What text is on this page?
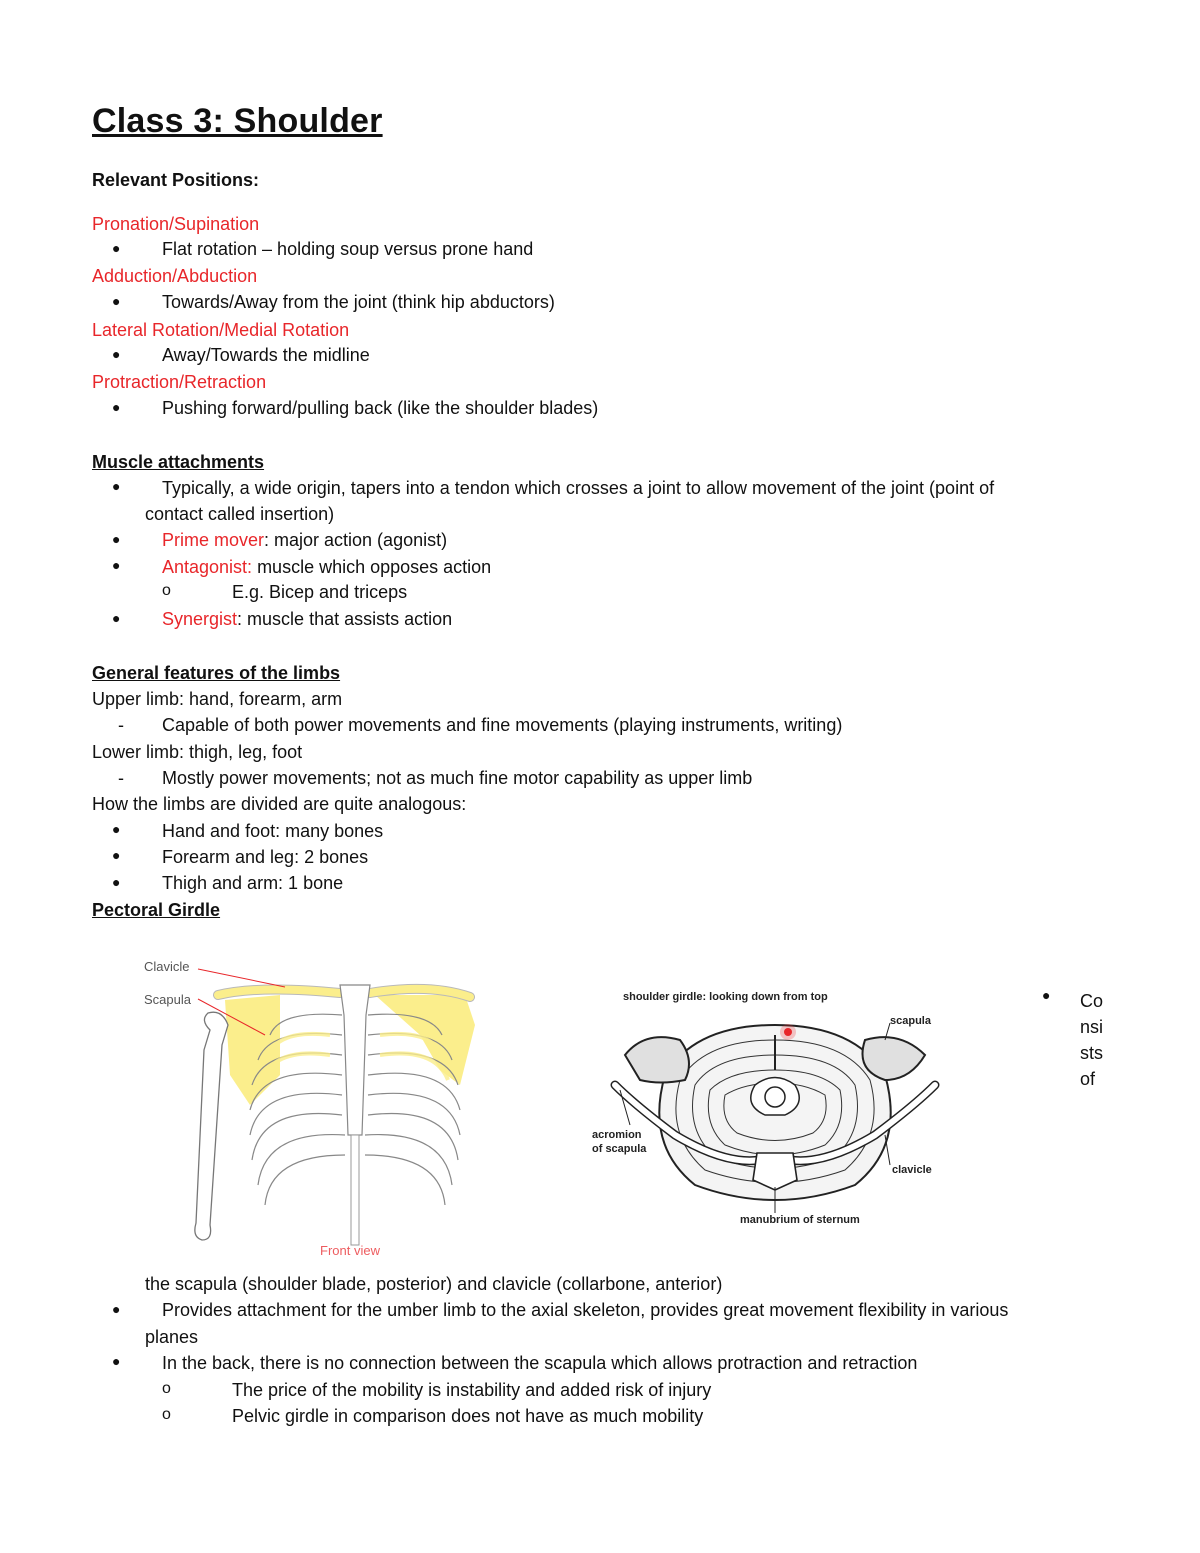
Class 3: Shoulder
Relevant Positions:
Pronation/Supination
● Flat rotation – holding soup versus prone hand
Adduction/Abduction
● Towards/Away from the joint (think hip abductors)
Lateral Rotation/Medial Rotation
● Away/Towards the midline
Protraction/Retraction
● Pushing forward/pulling back (like the shoulder blades)
Muscle attachments
● Typically, a wide origin, tapers into a tendon which crosses a joint to allow movement of the joint (point of
contact called insertion)
● Prime mover: major action (agonist)
● Antagonist: muscle which opposes action
o	E.g. Bicep and triceps
● Synergist: muscle that assists action
General features of the limbs
Upper limb: hand, forearm, arm
- Capable of both power movements and fine movements (playing instruments, writing)
Lower limb: thigh, leg, foot
- Mostly power movements; not as much fine motor capability as upper limb
How the limbs are divided are quite analogous:
● Hand and foot: many bones
● Forearm and leg: 2 bones
● Thigh and arm: 1 bone
Pectoral Girdle
Clavicle
Scapula
Front view
shoulder girdle: looking down from top
scapula
acromion
of scapula
clavicle
manubrium of sternum
● Co
nsi
sts
of
the scapula (shoulder blade, posterior) and clavicle (collarbone, anterior)
● Provides attachment for the umber limb to the axial skeleton, provides great movement flexibility in various
planes
● In the back, there is no connection between the scapula which allows protraction and retraction
o	The price of the mobility is instability and added risk of injury
o	Pelvic girdle in comparison does not have as much mobility
